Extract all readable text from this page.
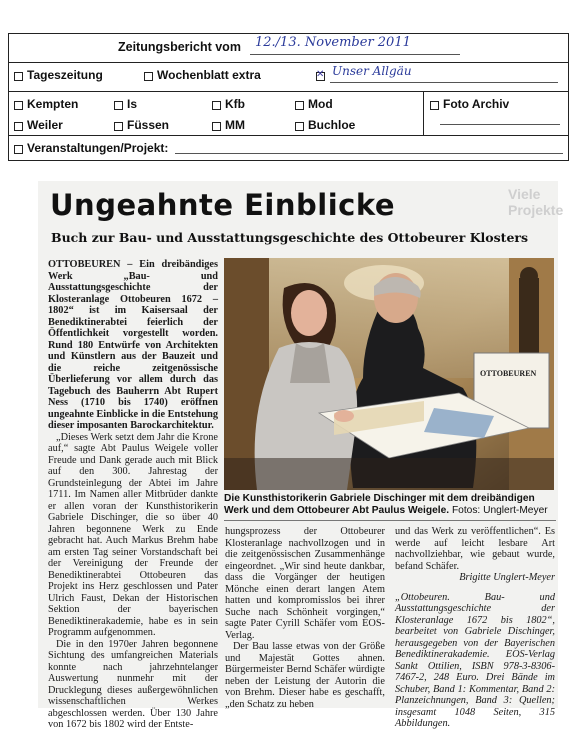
Zeitungsbericht vom 12./13. November 2011
Tageszeitung	Wochenblatt extra
✕	Unser Allgäu
Kempten	Is	Kfb	Mod	Foto Archiv
Weiler	Füssen	MM	Buchloe
Veranstaltungen/Projekt:
Viele Projekte
Ungeahnte Einblicke
Buch zur Bau- und Ausstattungsgeschichte des Ottobeurer Klosters

OTTOBEUREN – Ein dreibändiges Werk „Bau- und Ausstattungsgeschichte der Klosteranlage Ottobeuren 1672 – 1802“ ist im Kaisersaal der Benediktinerabtei feierlich der Öffentlichkeit vorgestellt worden. Rund 180 Entwürfe von Architekten und Künstlern aus der Bauzeit und die reiche zeitgenössische Überlieferung vor allem durch das Tagebuch des Bauherrn Abt Rupert Ness (1710 bis 1740) eröffnen ungeahnte Einblicke in die Entstehung dieser imposanten Barockarchitektur.

„Dieses Werk setzt dem Jahr die Krone auf,“ sagte Abt Paulus Weigele voller Freude und Dank gerade auch mit Blick auf den 300. Jahrestag der Grundsteinlegung der Abtei im Jahre 1711. Im Namen aller Mitbrüder dankte er allen voran der Kunsthistorikerin Gabriele Dischinger, die so über 40 Jahren begonnene Werk zu Ende gebracht hat. Auch Markus Brehm habe am ersten Tag seiner Vorstandschaft bei der Vereinigung der Freunde der Benediktinerabtei Ottobeuren das Projekt ins Herz geschlossen und Pater Ulrich Faust, Dekan der Historischen Sektion der bayerischen Benediktinerakademie, habe es in sein Programm aufgenommen.

Die in den 1970er Jahren begonnene Sichtung des umfangreichen Materials konnte nach jahrzehntelanger Auswertung nunmehr mit der Drucklegung dieses außergewöhnlichen wissenschaftlichen Werkes abgeschlossen werden. Über 130 Jahre von 1672 bis 1802 wird der Entste-

OTTOBEUREN
Die Kunsthistorikerin Gabriele Dischinger mit dem dreibändigen Werk und dem Ottobeurer Abt Paulus Weigele. Fotos: Unglert-Meyer

hungsprozess der Ottobeurer Klosteranlage nachvollzogen und in die zeitgenössischen Zusammenhänge eingeordnet. „Wir sind heute dankbar, dass die Vorgänger der heutigen Mönche einen derart langen Atem hatten und kompromisslos bei ihrer Suche nach Schönheit vorgingen,“ sagte Pater Cyrill Schäfer vom EOS-Verlag.

Der Bau lasse etwas von der Größe und Majestät Gottes ahnen. Bürgermeister Bernd Schäfer würdigte neben der Leistung der Autorin die von Brehm. Dieser habe es geschafft, „den Schatz zu heben

und das Werk zu veröffentlichen“. Es werde auf leicht lesbare Art nachvollziehbar, wie gebaut wurde, befand Schäfer.

Brigitte Unglert-Meyer

„Ottobeuren. Bau- und Ausstattungsgeschichte der Klosteranlage 1672 bis 1802“, bearbeitet von Gabriele Dischinger, herausgegeben von der Bayerischen Benediktinerakademie. EOS-Verlag Sankt Ottilien, ISBN 978-3-8306-7467-2, 248 Euro. Drei Bände im Schuber, Band 1: Kommentar, Band 2: Planzeichnungen, Band 3: Quellen; insgesamt 1048 Seiten, 315 Abbildungen.
